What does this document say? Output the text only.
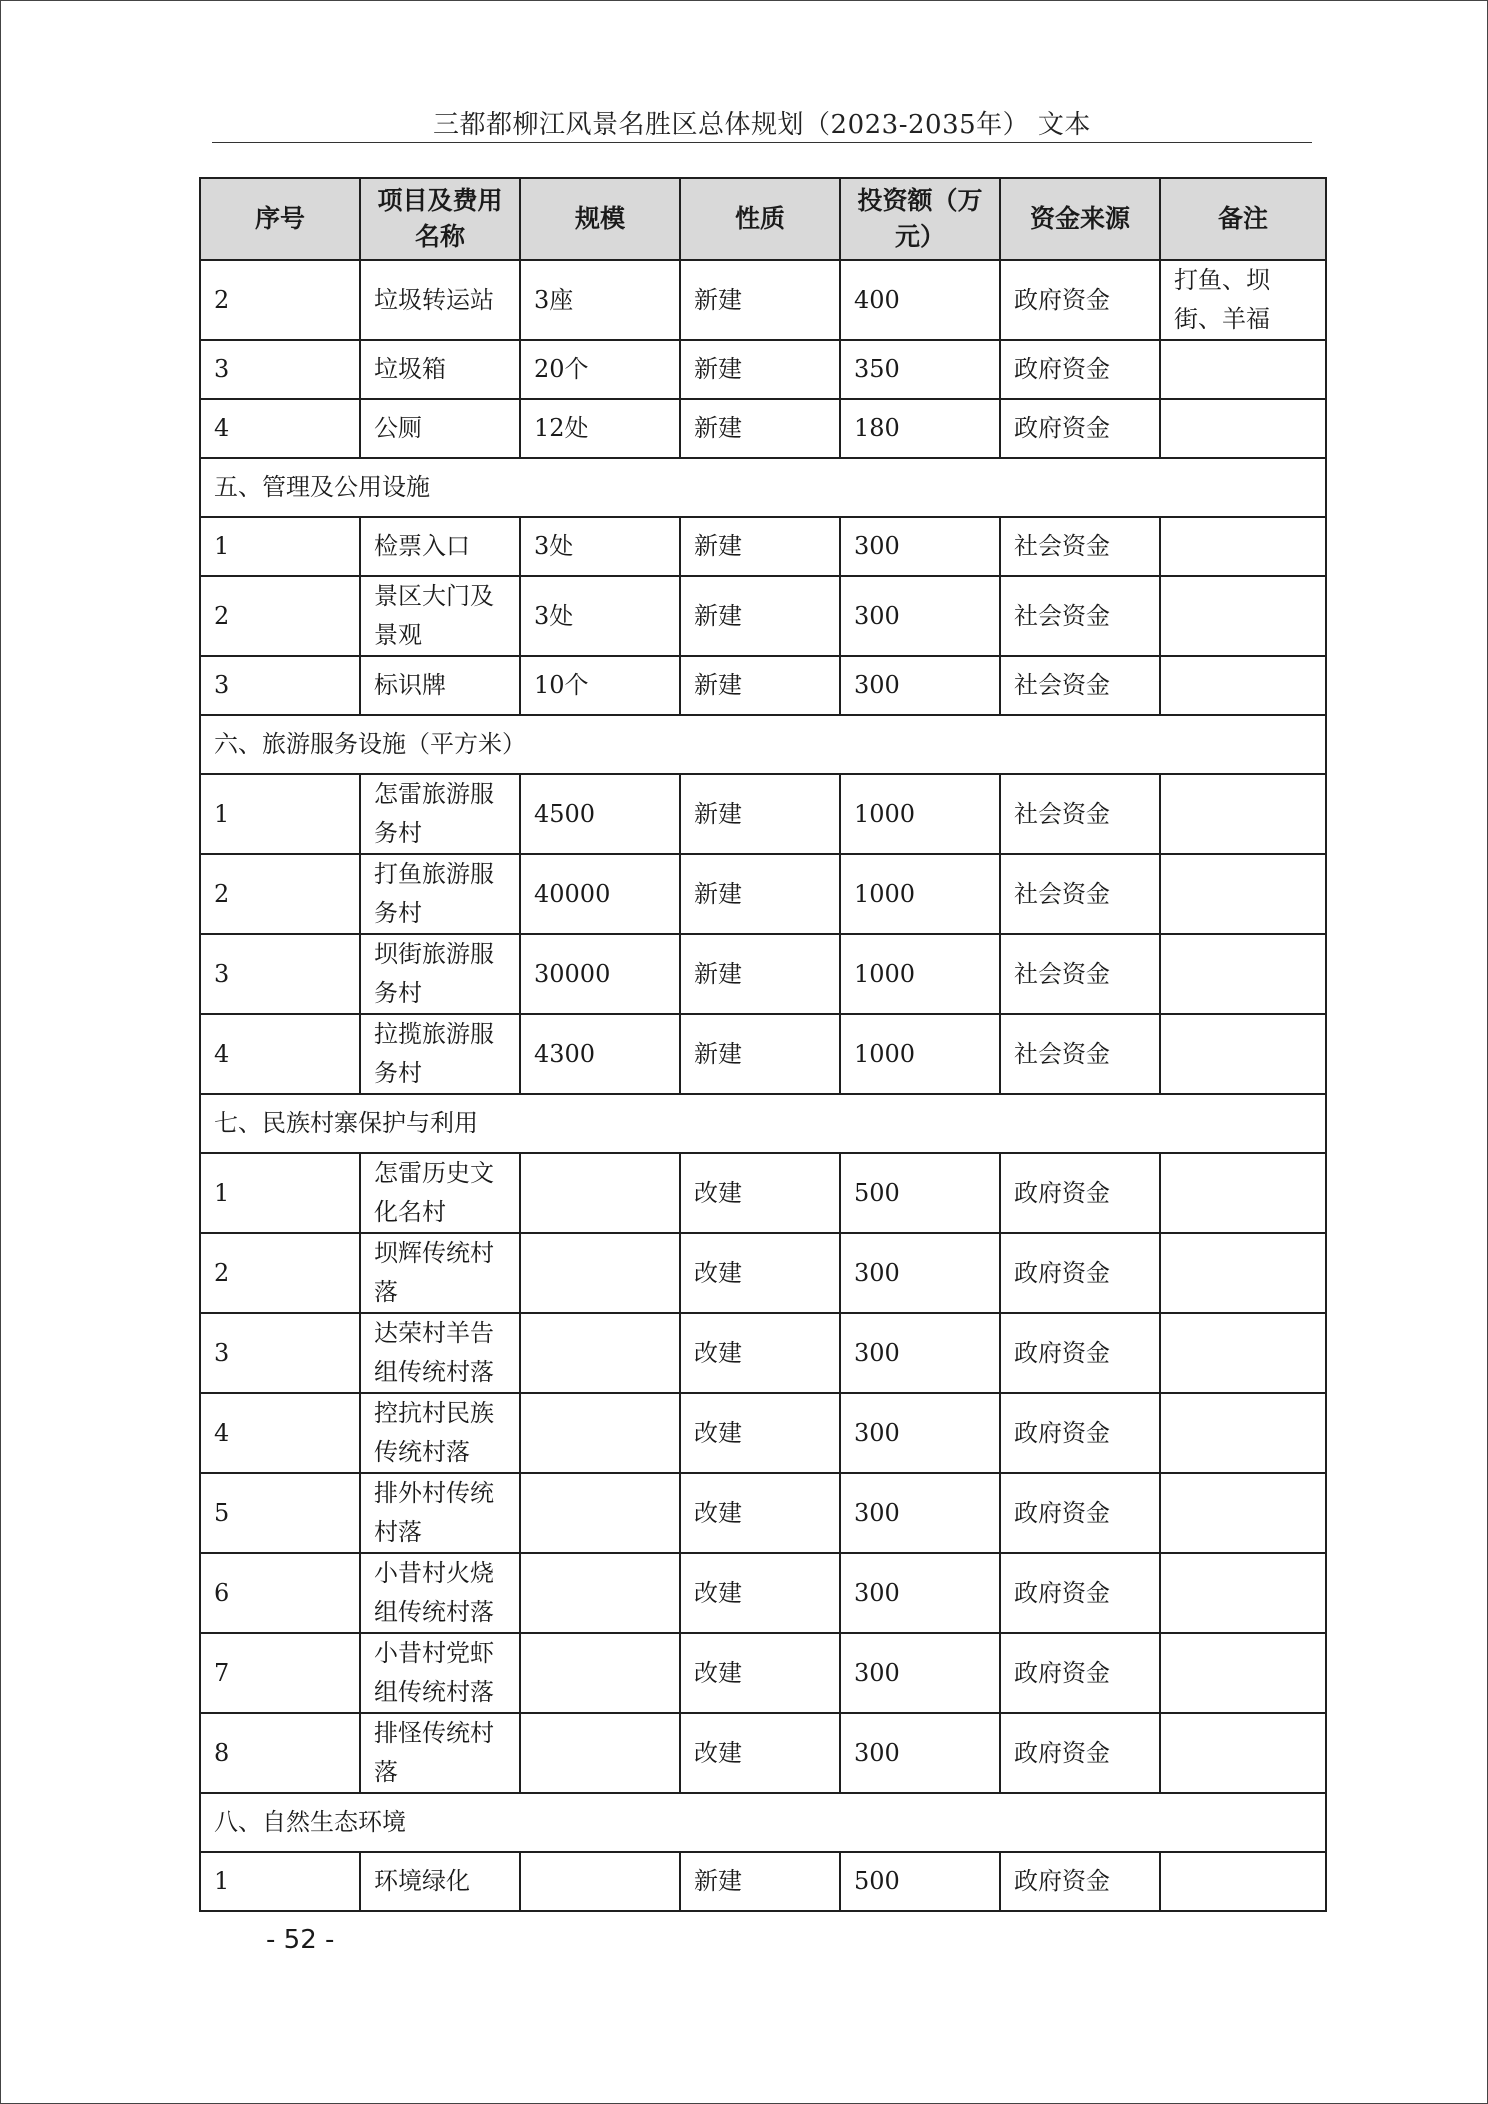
三都都柳江风景名胜区总体规划（2023-2035年） 文本
序号	项目及费用名称	规模	性质	投资额（万元）	资金来源	备注
2	垃圾转运站	3座	新建	400	政府资金	打鱼、坝街、羊福
3	垃圾箱	20个	新建	350	政府资金	
4	公厕	12处	新建	180	政府资金	
五、管理及公用设施						
1	检票入口	3处	新建	300	社会资金	
2	景区大门及景观	3处	新建	300	社会资金	
3	标识牌	10个	新建	300	社会资金	
六、旅游服务设施（平方米）						
1	怎雷旅游服务村	4500	新建	1000	社会资金	
2	打鱼旅游服务村	40000	新建	1000	社会资金	
3	坝街旅游服务村	30000	新建	1000	社会资金	
4	拉揽旅游服务村	4300	新建	1000	社会资金	
七、民族村寨保护与利用						
1	怎雷历史文化名村		改建	500	政府资金	
2	坝辉传统村落		改建	300	政府资金	
3	达荣村羊告组传统村落		改建	300	政府资金	
4	控抗村民族传统村落		改建	300	政府资金	
5	排外村传统村落		改建	300	政府资金	
6	小昔村火烧组传统村落		改建	300	政府资金	
7	小昔村党虾组传统村落		改建	300	政府资金	
8	排怪传统村落		改建	300	政府资金	
八、自然生态环境						
1	环境绿化		新建	500	政府资金	
- 52 -
